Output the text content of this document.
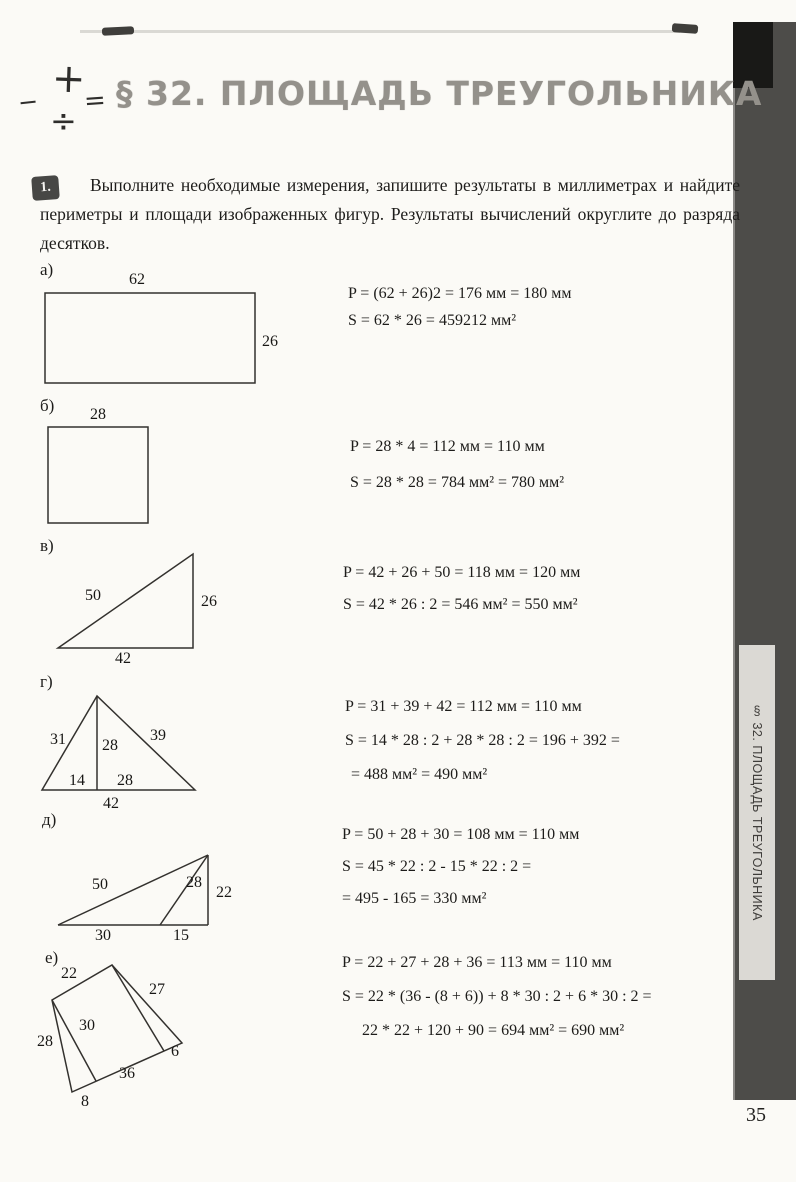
§ 32. ПЛОЩАДЬ ТРЕУГОЛЬНИКА
35
− +
=
÷
§ 32. ПЛОЩАДЬ ТРЕУГОЛЬНИКА
1.	Выполните необходимые измерения, запишите результаты в миллиметрах и найдите периметры и площади изображенных фигур. Результаты вычислений округлите до разряда десятков.

а)
62
26
P = (62 + 26)2 = 176 мм = 180 мм
S = 62 * 26 = 459212 мм²
б) 28
P = 28 * 4 = 112 мм = 110 мм
S = 28 * 28 = 784 мм² = 780 мм²
в)
50	26
42
P = 42 + 26 + 50 = 118 мм = 120 мм
S = 42 * 26 : 2 = 546 мм² = 550 мм²
г)
31 28
39
14 28
42
P = 31 + 39 + 42 = 112 мм = 110 мм
S = 14 * 28 : 2 + 28 * 28 : 2 = 196 + 392 =
= 488 мм² = 490 мм²
д)
50	28
22
30	15
P = 50 + 28 + 30 = 108 мм = 110 мм
S = 45 * 22 : 2 - 15 * 22 : 2 =
= 495 - 165 = 330 мм²
е)
22
27
30
28
6
36
8
P = 22 + 27 + 28 + 36 = 113 мм = 110 мм
S = 22 * (36 - (8 + 6)) + 8 * 30 : 2 + 6 * 30 : 2 =
22 * 22 + 120 + 90 = 694 мм² = 690 мм²
